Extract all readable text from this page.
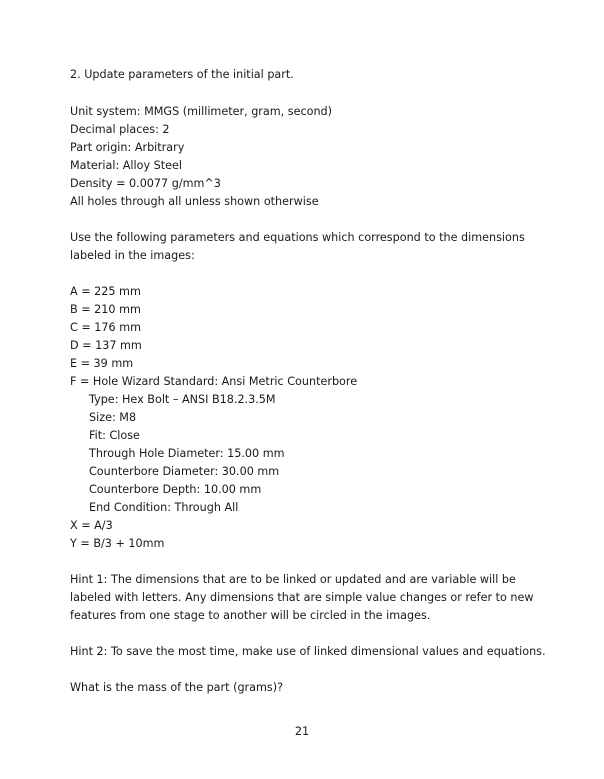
2. Update parameters of the initial part.
Unit system: MMGS (millimeter, gram, second)
Decimal places: 2
Part origin: Arbitrary
Material: Alloy Steel
Density = 0.0077 g/mm^3
All holes through all unless shown otherwise
Use the following parameters and equations which correspond to the dimensions
labeled in the images:
A = 225 mm
B = 210 mm
C = 176 mm
D = 137 mm
E = 39 mm
F = Hole Wizard Standard: Ansi Metric Counterbore
Type: Hex Bolt – ANSI B18.2.3.5M
Size: M8
Fit: Close
Through Hole Diameter: 15.00 mm
Counterbore Diameter: 30.00 mm
Counterbore Depth: 10.00 mm
End Condition: Through All
X = A/3
Y = B/3 + 10mm
Hint 1: The dimensions that are to be linked or updated and are variable will be
labeled with letters. Any dimensions that are simple value changes or refer to new
features from one stage to another will be circled in the images.
Hint 2: To save the most time, make use of linked dimensional values and equations.
What is the mass of the part (grams)?
21
